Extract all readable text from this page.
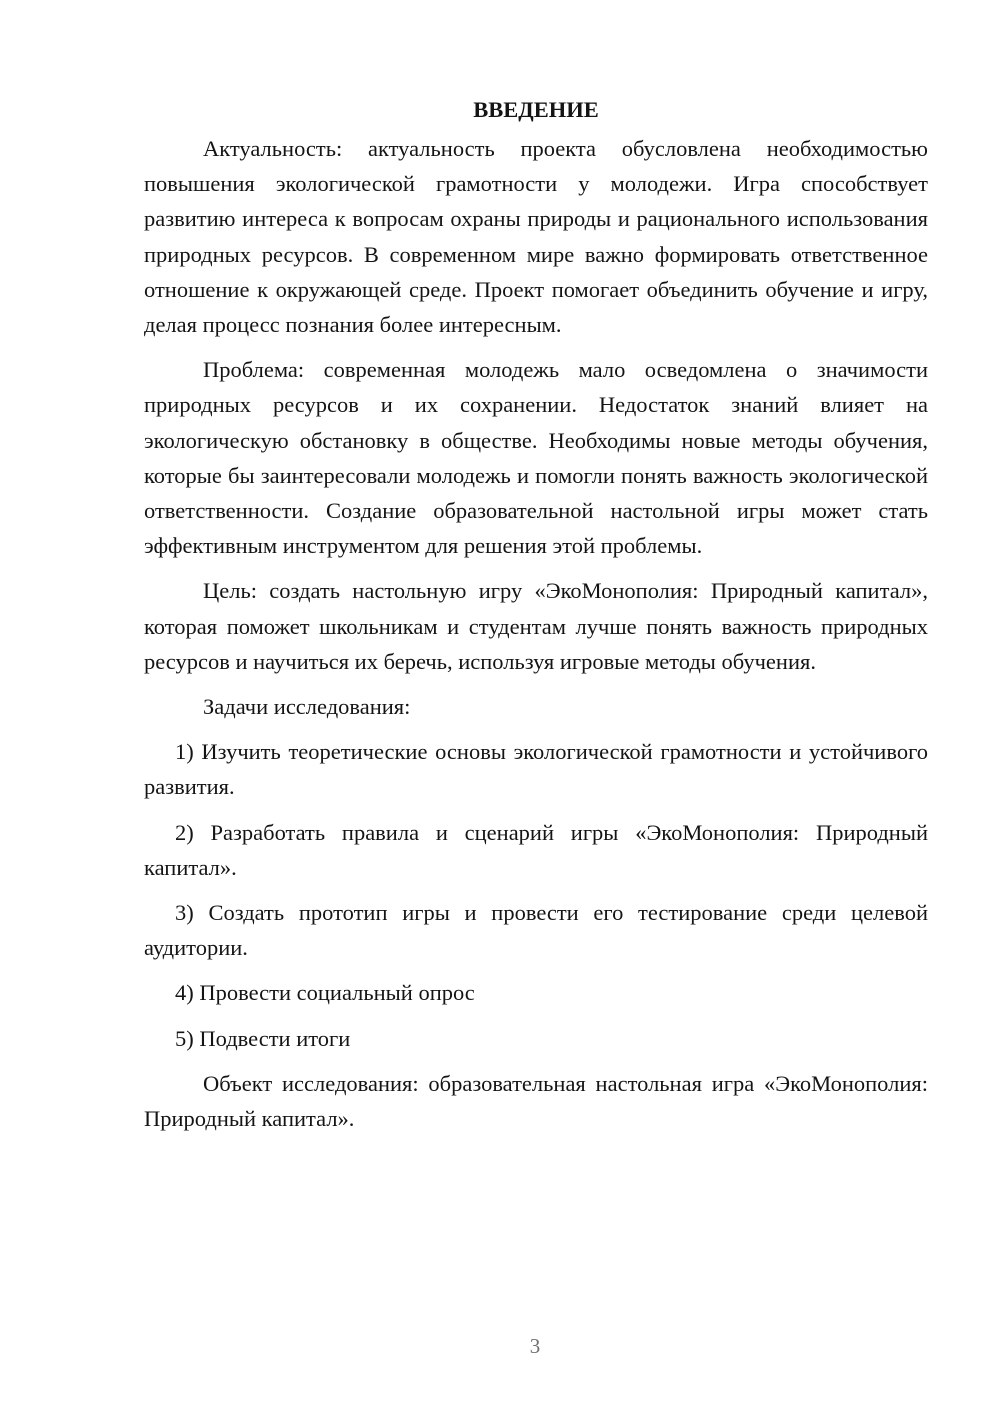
ВВЕДЕНИЕ

Актуальность: актуальность проекта обусловлена необходимостью повышения экологической грамотности у молодежи. Игра способствует развитию интереса к вопросам охраны природы и рационального использования природных ресурсов. В современном мире важно формировать ответственное отношение к окружающей среде. Проект помогает объединить обучение и игру, делая процесс познания более интересным.

Проблема: современная молодежь мало осведомлена о значимости природных ресурсов и их сохранении. Недостаток знаний влияет на экологическую обстановку в обществе. Необходимы новые методы обучения, которые бы заинтересовали молодежь и помогли понять важность экологической ответственности. Создание образовательной настольной игры может стать эффективным инструментом для решения этой проблемы.

Цель: создать настольную игру «ЭкоМонополия: Природный капитал», которая поможет школьникам и студентам лучше понять важность природных ресурсов и научиться их беречь, используя игровые методы обучения.

Задачи исследования:

1) Изучить теоретические основы экологической грамотности и устойчивого развития.

2) Разработать правила и сценарий игры «ЭкоМонополия: Природный капитал».

3) Создать прототип игры и провести его тестирование среди целевой аудитории.

4) Провести социальный опрос

5) Подвести итоги

Объект исследования: образовательная настольная игра «ЭкоМонополия: Природный капитал».

3
